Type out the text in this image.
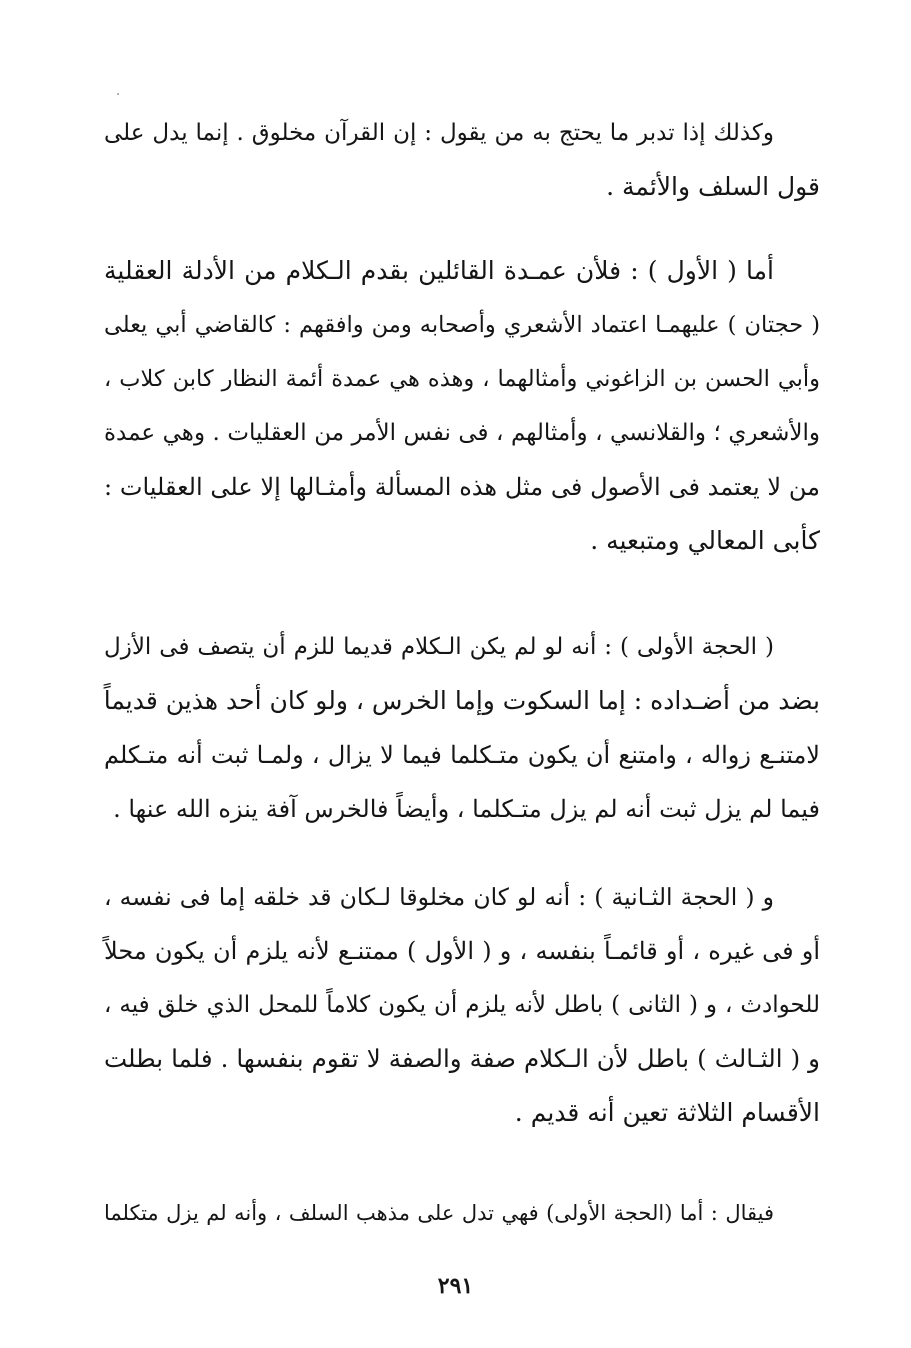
وكذلك إذا تدبر ما يحتج به من يقول : إن القرآن مخلوق . إنما يدل على
قول السلف والأئمة .
أما ( الأول ) : فلأن عمـدة القائلين بقدم الـكلام من الأدلة العقلية
( حجتان ) عليهمـا اعتماد الأشعري وأصحابه ومن وافقهم : كالقاضي أبي يعلى
وأبي الحسن بن الزاغوني وأمثالهما ، وهذه هي عمدة أئمة النظار كابن كلاب ،
والأشعري ؛ والقلانسي ، وأمثالهم ، فى نفس الأمر من العقليات . وهي عمدة
من لا يعتمد فى الأصول فى مثل هذه المسألة وأمثـالها إلا على العقليات :
كأبى المعالي ومتبعيه .
( الحجة الأولى ) : أنه لو لم يكن الـكلام قديما للزم أن يتصف فى الأزل
بضد من أضـداده : إما السكوت وإما الخرس ، ولو كان أحد هذين قديماً
لامتنـع زواله ، وامتنع أن يكون متـكلما فيما لا يزال ، ولمـا ثبت أنه متـكلم
فيما لم يزل ثبت أنه لم يزل متـكلما ، وأيضاً فالخرس آفة ينزه الله عنها .
و ( الحجة الثـانية ) : أنه لو كان مخلوقا لـكان قد خلقه إما فى نفسه ،
أو فى غيره ، أو قائمـاً بنفسه ، و ( الأول ) ممتنـع لأنه يلزم أن يكون محلاً
للحوادث ، و ( الثانى ) باطل لأنه يلزم أن يكون كلاماً للمحل الذي خلق فيه ،
و ( الثـالث ) باطل لأن الـكلام صفة والصفة لا تقوم بنفسها . فلما بطلت
الأقسام الثلاثة تعين أنه قديم .
فيقال : أما (الحجة الأولى) فهي تدل على مذهب السلف ، وأنه لم يزل متكلما
٢٩١
